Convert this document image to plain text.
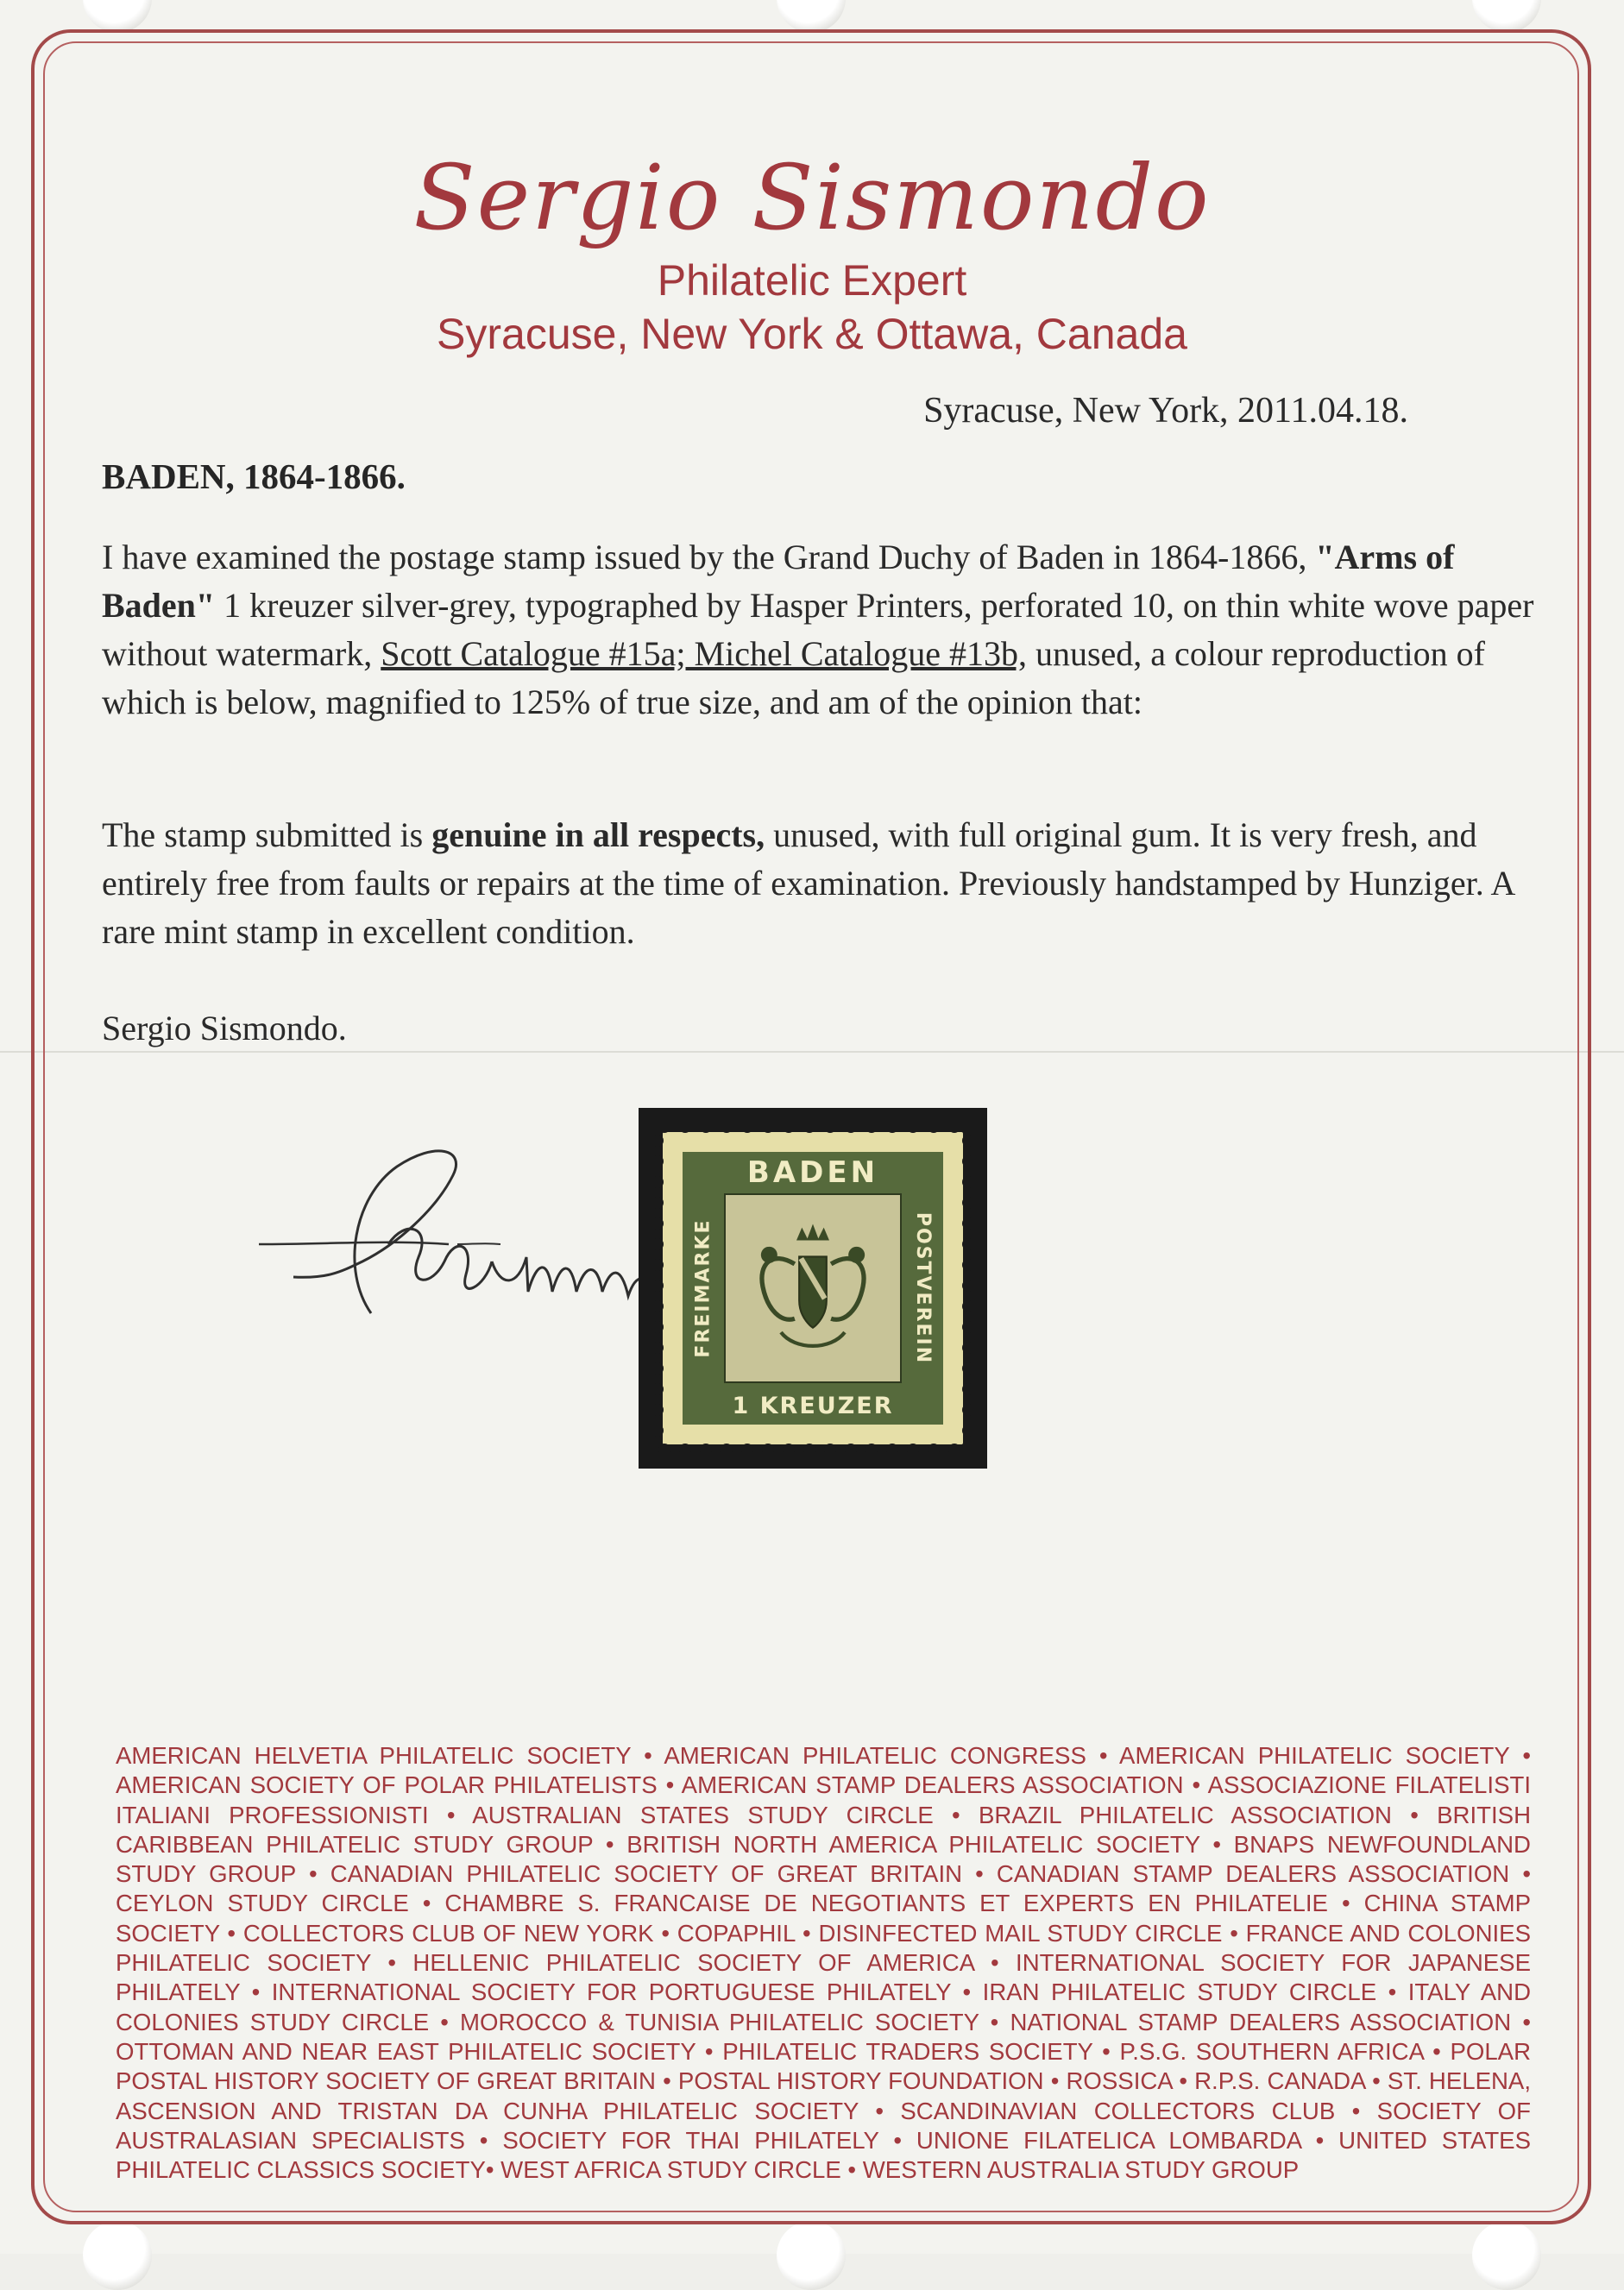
Sergio Sismondo
Philatelic Expert
Syracuse, New York & Ottawa, Canada
Syracuse, New York, 2011.04.18.
BADEN, 1864-1866.
I have examined the postage stamp issued by the Grand Duchy of Baden in 1864-1866, "Arms of Baden" 1 kreuzer silver-grey, typographed by Hasper Printers, perforated 10, on thin white wove paper without watermark, Scott Catalogue #15a; Michel Catalogue #13b, unused, a colour reproduction of which is below, magnified to 125% of true size, and am of the opinion that:
The stamp submitted is genuine in all respects, unused, with full original gum. It is very fresh, and entirely free from faults or repairs at the time of examination. Previously handstamped by Hunziger. A rare mint stamp in excellent condition.
Sergio Sismondo.
BADEN
1 KREUZER
FREIMARKE	POSTVEREIN
AMERICAN HELVETIA PHILATELIC SOCIETY • AMERICAN PHILATELIC CONGRESS • AMERICAN PHILATELIC SOCIETY • AMERICAN SOCIETY OF POLAR PHILATELISTS • AMERICAN STAMP DEALERS ASSOCIATION • ASSOCIAZIONE FILATELISTI ITALIANI PROFESSIONISTI • AUSTRALIAN STATES STUDY CIRCLE • BRAZIL PHILATELIC ASSOCIATION • BRITISH CARIBBEAN PHILATELIC STUDY GROUP • BRITISH NORTH AMERICA PHILATELIC SOCIETY • BNAPS NEWFOUNDLAND STUDY GROUP • CANADIAN PHILATELIC SOCIETY OF GREAT BRITAIN • CANADIAN STAMP DEALERS ASSOCIATION • CEYLON STUDY CIRCLE • CHAMBRE S. FRANCAISE DE NEGOTIANTS ET EXPERTS EN PHILATELIE • CHINA STAMP SOCIETY • COLLECTORS CLUB OF NEW YORK • COPAPHIL • DISINFECTED MAIL STUDY CIRCLE • FRANCE AND COLONIES PHILATELIC SOCIETY • HELLENIC PHILATELIC SOCIETY OF AMERICA • INTERNATIONAL SOCIETY FOR JAPANESE PHILATELY • INTERNATIONAL SOCIETY FOR PORTUGUESE PHILATELY • IRAN PHILATELIC STUDY CIRCLE • ITALY AND COLONIES STUDY CIRCLE • MOROCCO & TUNISIA PHILATELIC SOCIETY • NATIONAL STAMP DEALERS ASSOCIATION • OTTOMAN AND NEAR EAST PHILATELIC SOCIETY • PHILATELIC TRADERS SOCIETY • P.S.G. SOUTHERN AFRICA • POLAR POSTAL HISTORY SOCIETY OF GREAT BRITAIN • POSTAL HISTORY FOUNDATION • ROSSICA • R.P.S. CANADA • ST. HELENA, ASCENSION AND TRISTAN DA CUNHA PHILATELIC SOCIETY • SCANDINAVIAN COLLECTORS CLUB • SOCIETY OF AUSTRALASIAN SPECIALISTS • SOCIETY FOR THAI PHILATELY • UNIONE FILATELICA LOMBARDA • UNITED STATES PHILATELIC CLASSICS SOCIETY• WEST AFRICA STUDY CIRCLE • WESTERN AUSTRALIA STUDY GROUP
